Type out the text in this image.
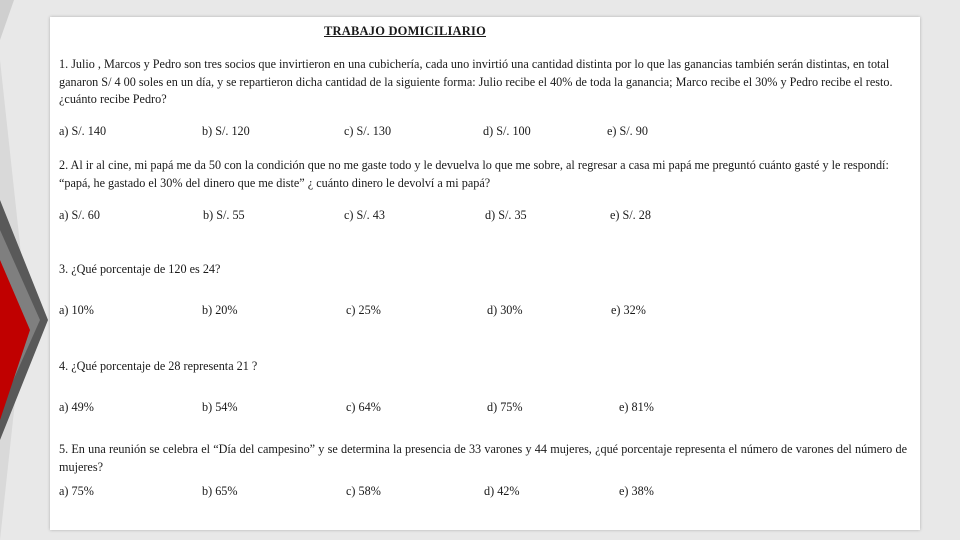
TRABAJO DOMICILIARIO
1. Julio , Marcos y Pedro son tres socios que invirtieron en una cubichería, cada uno invirtió una cantidad distinta por lo que las ganancias también serán distintas, en total ganaron S/ 4 00 soles en un día, y se repartieron dicha cantidad de la siguiente forma: Julio recibe el 40% de toda la ganancia; Marco recibe el 30% y Pedro recibe el resto. ¿cuánto recibe Pedro?
a) S/. 140	b) S/. 120	c) S/. 130	d) S/. 100	e) S/. 90
2. Al ir al cine, mi papá me da 50 con la condición que no me gaste todo y le devuelva lo que me sobre, al regresar a casa mi papá me preguntó cuánto gasté y le respondí: “papá, he gastado el 30% del dinero que me diste” ¿ cuánto dinero le devolví a mi papá?
a) S/. 60	b) S/. 55	c) S/. 43	d) S/. 35	e) S/. 28
3. ¿Qué porcentaje de 120 es 24?
a) 10%	b) 20%	c) 25%	d) 30%	e) 32%
4. ¿Qué porcentaje de 28 representa 21 ?
a) 49%	b) 54%	c) 64%	d) 75%	e) 81%
5. En una reunión se celebra el “Día del campesino” y se determina la presencia de 33 varones y 44 mujeres, ¿qué porcentaje representa el número de varones del número de mujeres?
a) 75%	b) 65%	c) 58%	d) 42%	e) 38%
